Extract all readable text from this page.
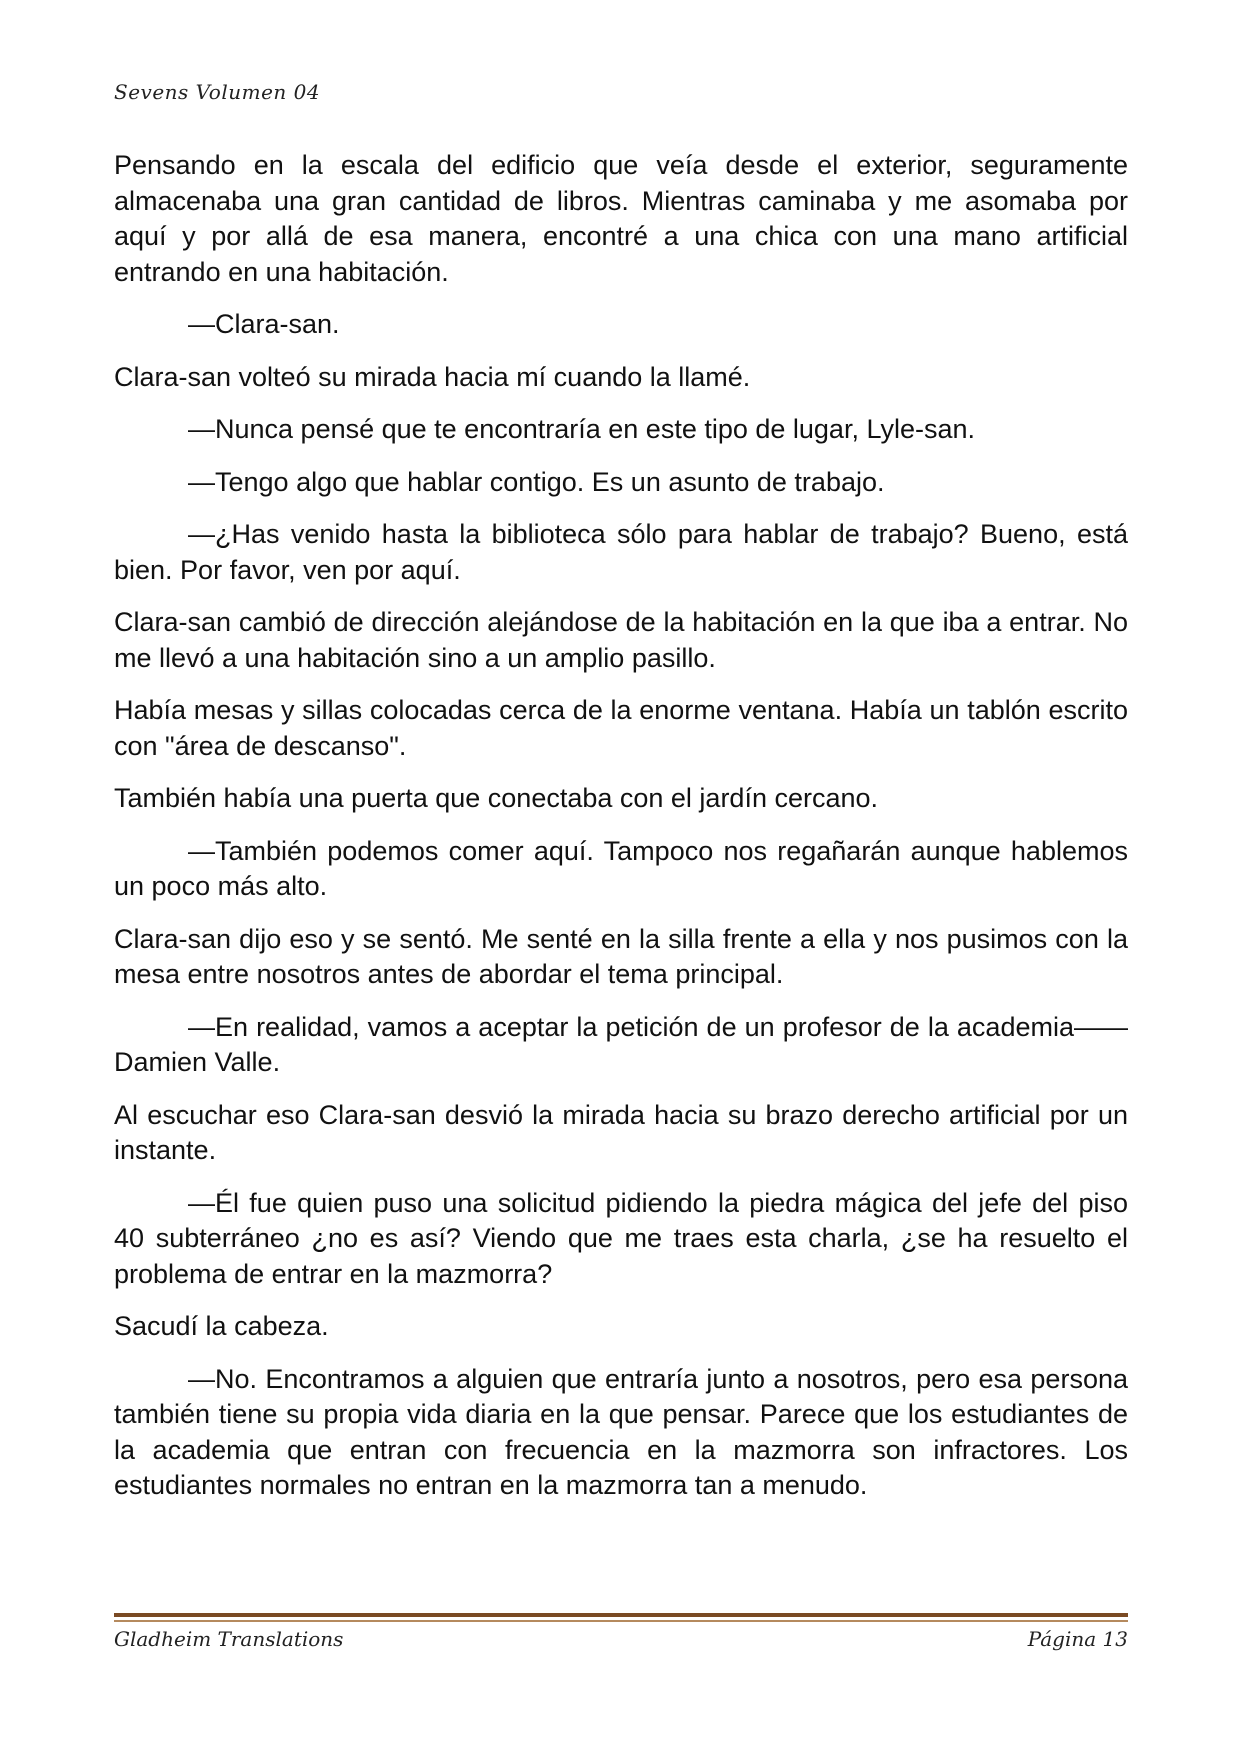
Sevens Volumen 04

Pensando en la escala del edificio que veía desde el exterior, seguramente almacenaba una gran cantidad de libros. Mientras caminaba y me asomaba por aquí y por allá de esa manera, encontré a una chica con una mano artificial entrando en una habitación.

—Clara-san.

Clara-san volteó su mirada hacia mí cuando la llamé.

—Nunca pensé que te encontraría en este tipo de lugar, Lyle-san.

—Tengo algo que hablar contigo. Es un asunto de trabajo.

—¿Has venido hasta la biblioteca sólo para hablar de trabajo? Bueno, está bien. Por favor, ven por aquí.

Clara-san cambió de dirección alejándose de la habitación en la que iba a entrar. No me llevó a una habitación sino a un amplio pasillo.

Había mesas y sillas colocadas cerca de la enorme ventana. Había un tablón escrito con "área de descanso".

También había una puerta que conectaba con el jardín cercano.

—También podemos comer aquí. Tampoco nos regañarán aunque hablemos un poco más alto.

Clara-san dijo eso y se sentó. Me senté en la silla frente a ella y nos pusimos con la mesa entre nosotros antes de abordar el tema principal.

—En realidad, vamos a aceptar la petición de un profesor de la academia——Damien Valle.

Al escuchar eso Clara-san desvió la mirada hacia su brazo derecho artificial por un instante.

—Él fue quien puso una solicitud pidiendo la piedra mágica del jefe del piso 40 subterráneo ¿no es así? Viendo que me traes esta charla, ¿se ha resuelto el problema de entrar en la mazmorra?

Sacudí la cabeza.

—No. Encontramos a alguien que entraría junto a nosotros, pero esa persona también tiene su propia vida diaria en la que pensar. Parece que los estudiantes de la academia que entran con frecuencia en la mazmorra son infractores. Los estudiantes normales no entran en la mazmorra tan a menudo.

Gladheim Translations	Página 13
